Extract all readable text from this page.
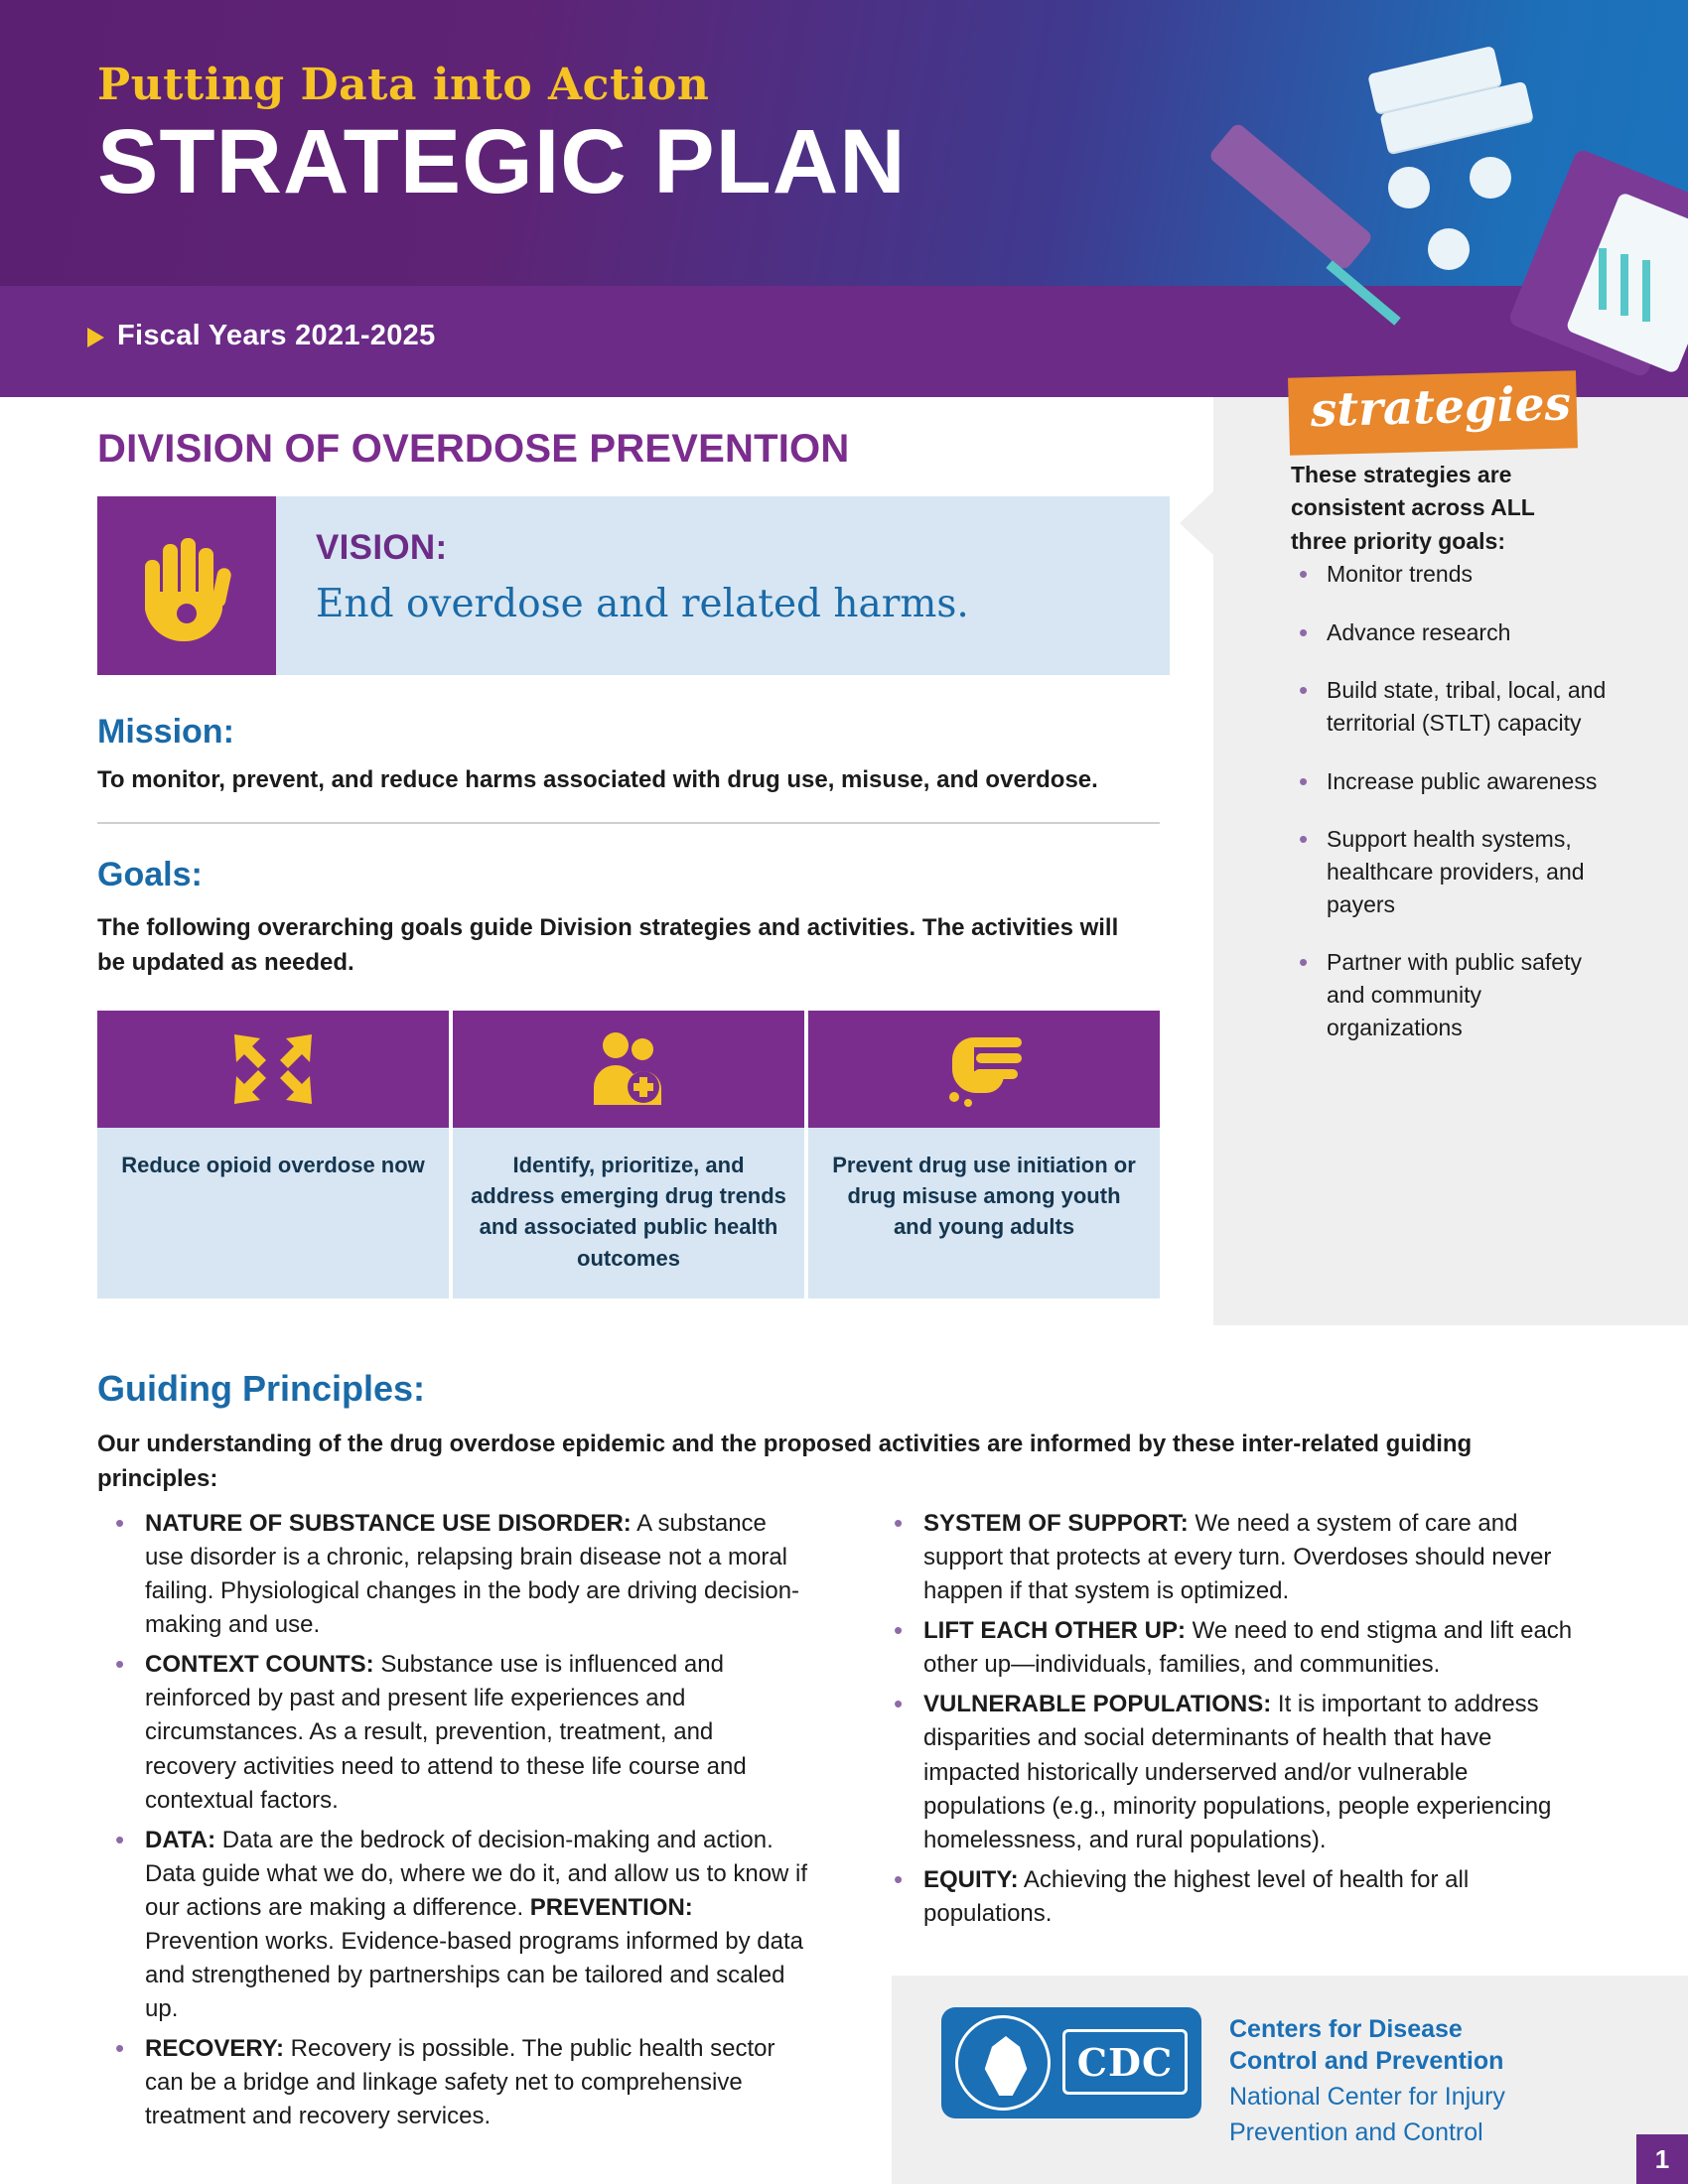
Putting Data into Action
STRATEGIC PLAN
Fiscal Years 2021-2025
DIVISION OF OVERDOSE PREVENTION
VISION:
End overdose and related harms.
Mission:
To monitor, prevent, and reduce harms associated with drug use, misuse, and overdose.
Goals:
The following overarching goals guide Division strategies and activities. The activities will be updated as needed.
Reduce opioid overdose now	Identify, prioritize, and address emerging drug trends and associated public health outcomes
Prevent drug use initiation or drug misuse among youth and young adults
strategies
These strategies are consistent across ALL three priority goals:
• Monitor trends
• Advance research
• Build state, tribal, local, and territorial (STLT) capacity
• Increase public awareness
• Support health systems, healthcare providers, and payers
• Partner with public safety and community organizations
Guiding Principles:
Our understanding of the drug overdose epidemic and the proposed activities are informed by these inter-related guiding principles:
• NATURE OF SUBSTANCE USE DISORDER: A substance use disorder is a chronic, relapsing brain disease not a moral failing. Physiological changes in the body are driving decision-making and use.
• CONTEXT COUNTS: Substance use is influenced and reinforced by past and present life experiences and circumstances. As a result, prevention, treatment, and recovery activities need to attend to these life course and contextual factors.
• DATA: Data are the bedrock of decision-making and action. Data guide what we do, where we do it, and allow us to know if our actions are making a difference. PREVENTION: Prevention works. Evidence-based programs informed by data and strengthened by partnerships can be tailored and scaled up.
• RECOVERY: Recovery is possible. The public health sector can be a bridge and linkage safety net to comprehensive treatment and recovery services.
• SYSTEM OF SUPPORT: We need a system of care and support that protects at every turn. Overdoses should never happen if that system is optimized.
• LIFT EACH OTHER UP: We need to end stigma and lift each other up—individuals, families, and communities.
• VULNERABLE POPULATIONS: It is important to address disparities and social determinants of health that have impacted historically underserved and/or vulnerable populations (e.g., minority populations, people experiencing homelessness, and rural populations).
• EQUITY: Achieving the highest level of health for all populations.
CDC
Centers for Disease
Control and Prevention
National Center for Injury
Prevention and Control
1
